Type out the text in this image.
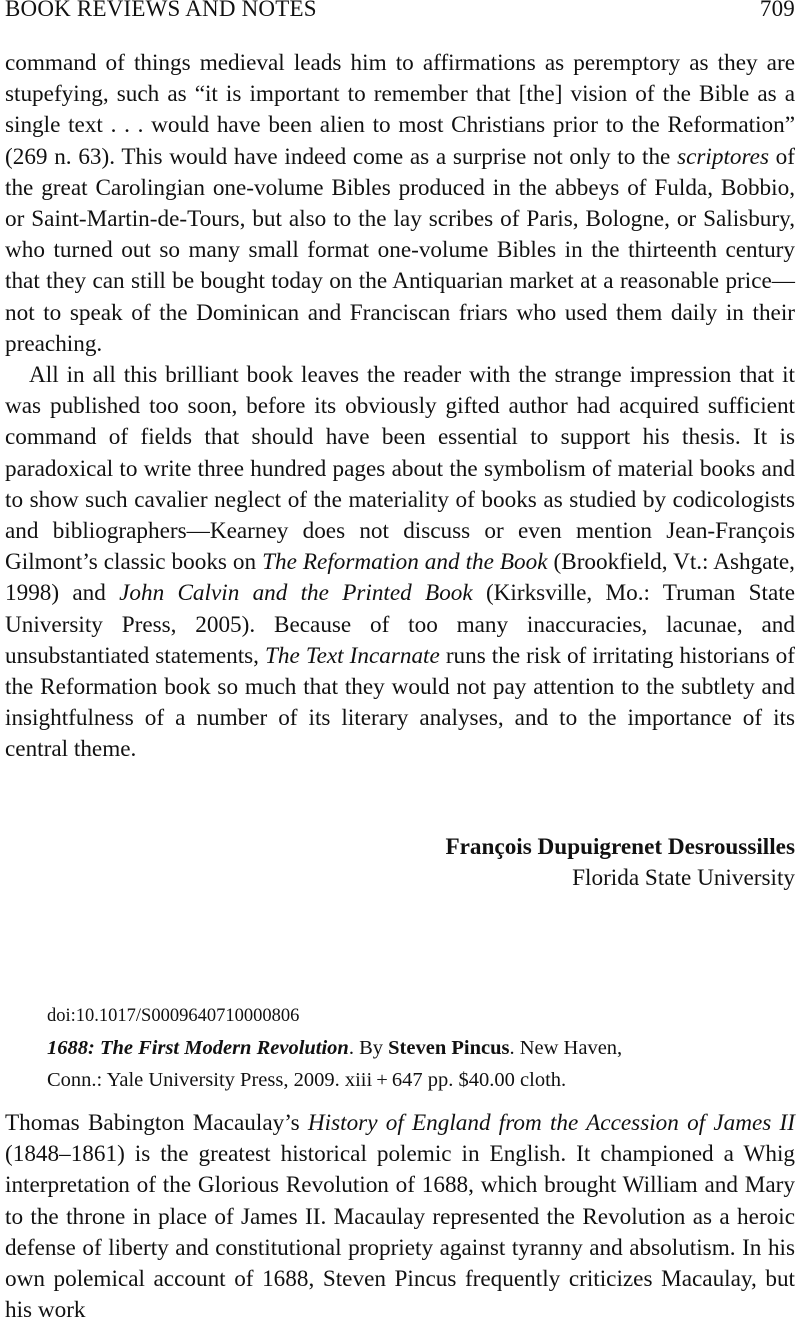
BOOK REVIEWS AND NOTES	709

command of things medieval leads him to affirmations as peremptory as they are stupefying, such as “it is important to remember that [the] vision of the Bible as a single text . . . would have been alien to most Christians prior to the Reformation” (269 n. 63). This would have indeed come as a surprise not only to the scriptores of the great Carolingian one-volume Bibles produced in the abbeys of Fulda, Bobbio, or Saint-Martin-de-Tours, but also to the lay scribes of Paris, Bologne, or Salisbury, who turned out so many small format one-volume Bibles in the thirteenth century that they can still be bought today on the Antiquarian market at a reasonable price—not to speak of the Dominican and Franciscan friars who used them daily in their preaching.

All in all this brilliant book leaves the reader with the strange impression that it was published too soon, before its obviously gifted author had acquired sufficient command of fields that should have been essential to support his thesis. It is paradoxical to write three hundred pages about the symbolism of material books and to show such cavalier neglect of the materiality of books as studied by codicologists and bibliographers—Kearney does not discuss or even mention Jean-François Gilmont’s classic books on The Reformation and the Book (Brookfield, Vt.: Ashgate, 1998) and John Calvin and the Printed Book (Kirksville, Mo.: Truman State University Press, 2005). Because of too many inaccuracies, lacunae, and unsubstantiated statements, The Text Incarnate runs the risk of irritating historians of the Reformation book so much that they would not pay attention to the subtlety and insightfulness of a number of its literary analyses, and to the importance of its central theme.

Thomas Babington Macaulay’s History of England from the Accession of James II (1848–1861) is the greatest historical polemic in English. It championed a Whig interpretation of the Glorious Revolution of 1688, which brought William and Mary to the throne in place of James II. Macaulay represented the Revolution as a heroic defense of liberty and constitutional propriety against tyranny and absolutism. In his own polemical account of 1688, Steven Pincus frequently criticizes Macaulay, but his work

François Dupuigrenet Desroussilles
Florida State University
doi:10.1017/S0009640710000806
1688: The First Modern Revolution. By Steven Pincus. New Haven,
Conn.: Yale University Press, 2009. xiii + 647 pp. $40.00 cloth.
